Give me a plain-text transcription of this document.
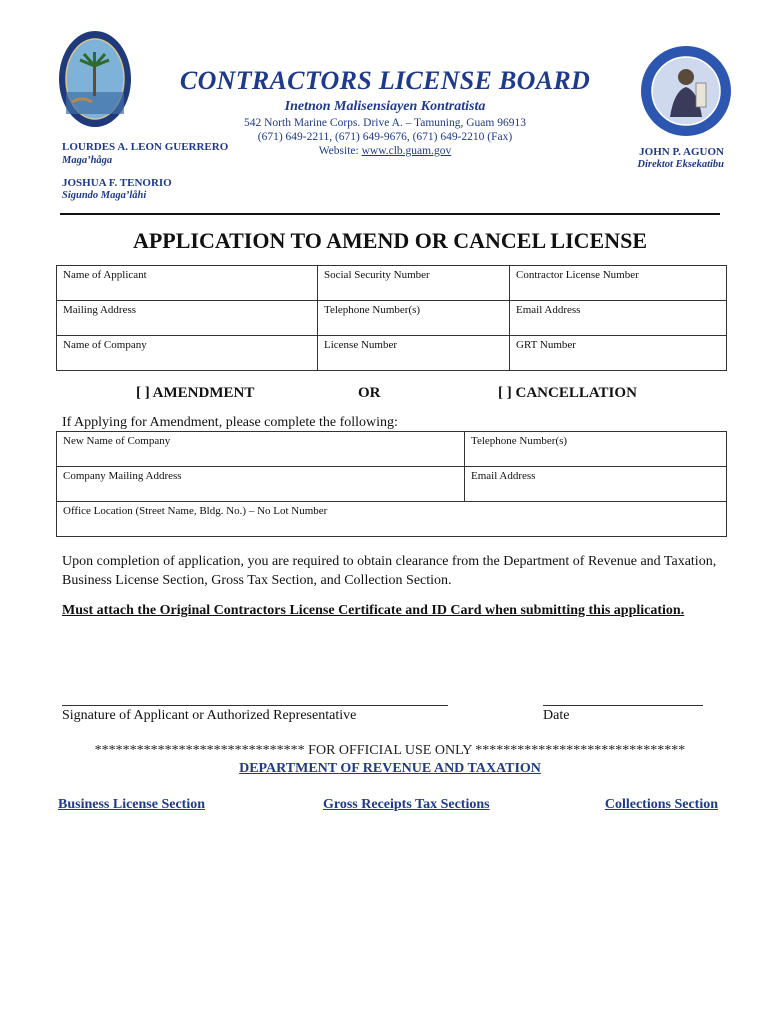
CONTRACTORS LICENSE BOARD
Inetnon Malisensiayen Kontratista
542 North Marine Corps. Drive A. – Tamuning, Guam 96913
(671) 649-2211, (671) 649-9676, (671) 649-2210 (Fax)
Website: www.clb.guam.gov
LOURDES A. LEON GUERRERO
Maga’håga
JOSHUA F. TENORIO
Sigundo Maga’låhi
JOHN P. AGUON
Direktot Eksekatibu
APPLICATION TO AMEND OR CANCEL LICENSE
Name of Applicant	Social Security Number	Contractor License Number
Mailing Address	Telephone Number(s)	Email Address
Name of Company	License Number	GRT Number
[ ] AMENDMENT	OR	[ ] CANCELLATION
If Applying for Amendment, please complete the following:
New Name of Company	Telephone Number(s)
Company Mailing Address	Email Address
Office Location (Street Name, Bldg. No.) – No Lot Number	
Upon completion of application, you are required to obtain clearance from the Department of Revenue and Taxation, Business License Section, Gross Tax Section, and Collection Section.
Must attach the Original Contractors License Certificate and ID Card when submitting this application.
Signature of Applicant or Authorized Representative	Date
****************************** FOR OFFICIAL USE ONLY ******************************
DEPARTMENT OF REVENUE AND TAXATION
Business License Section	Gross Receipts Tax Sections	Collections Section
